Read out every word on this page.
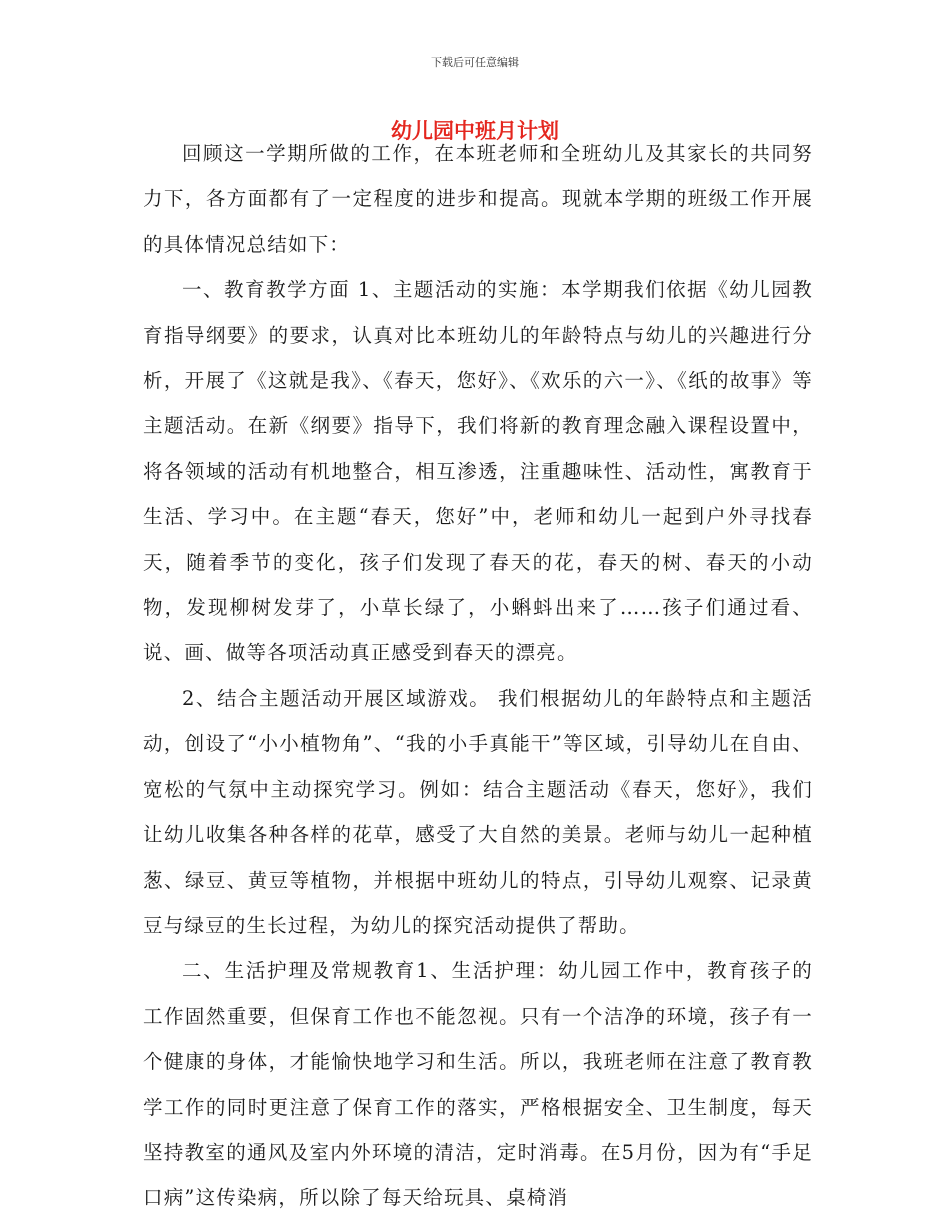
下载后可任意编辑
幼儿园中班月计划

回顾这一学期所做的工作，在本班老师和全班幼儿及其家长的共同努力下，各方面都有了一定程度的进步和提高。现就本学期的班级工作开展的具体情况总结如下：

一、教育教学方面 1、主题活动的实施：本学期我们依据《幼儿园教育指导纲要》的要求，认真对比本班幼儿的年龄特点与幼儿的兴趣进行分析，开展了《这就是我》、《春天，您好》、《欢乐的六一》、《纸的故事》等主题活动。在新《纲要》指导下，我们将新的教育理念融入课程设置中，将各领域的活动有机地整合，相互渗透，注重趣味性、活动性，寓教育于生活、学习中。在主题“春天，您好”中，老师和幼儿一起到户外寻找春天，随着季节的变化，孩子们发现了春天的花，春天的树、春天的小动物，发现柳树发芽了，小草长绿了，小蝌蚪出来了……孩子们通过看、说、画、做等各项活动真正感受到春天的漂亮。

2、结合主题活动开展区域游戏。 我们根据幼儿的年龄特点和主题活动，创设了“小小植物角”、“我的小手真能干”等区域，引导幼儿在自由、宽松的气氛中主动探究学习。例如：结合主题活动《春天，您好》，我们让幼儿收集各种各样的花草，感受了大自然的美景。老师与幼儿一起种植葱、绿豆、黄豆等植物，并根据中班幼儿的特点，引导幼儿观察、记录黄豆与绿豆的生长过程，为幼儿的探究活动提供了帮助。

二、生活护理及常规教育1、生活护理：幼儿园工作中，教育孩子的工作固然重要，但保育工作也不能忽视。只有一个洁净的环境，孩子有一个健康的身体，才能愉快地学习和生活。所以，我班老师在注意了教育教学工作的同时更注意了保育工作的落实，严格根据安全、卫生制度，每天坚持教室的通风及室内外环境的清洁，定时消毒。在5月份，因为有“手足口病”这传染病，所以除了每天给玩具、桌椅消
